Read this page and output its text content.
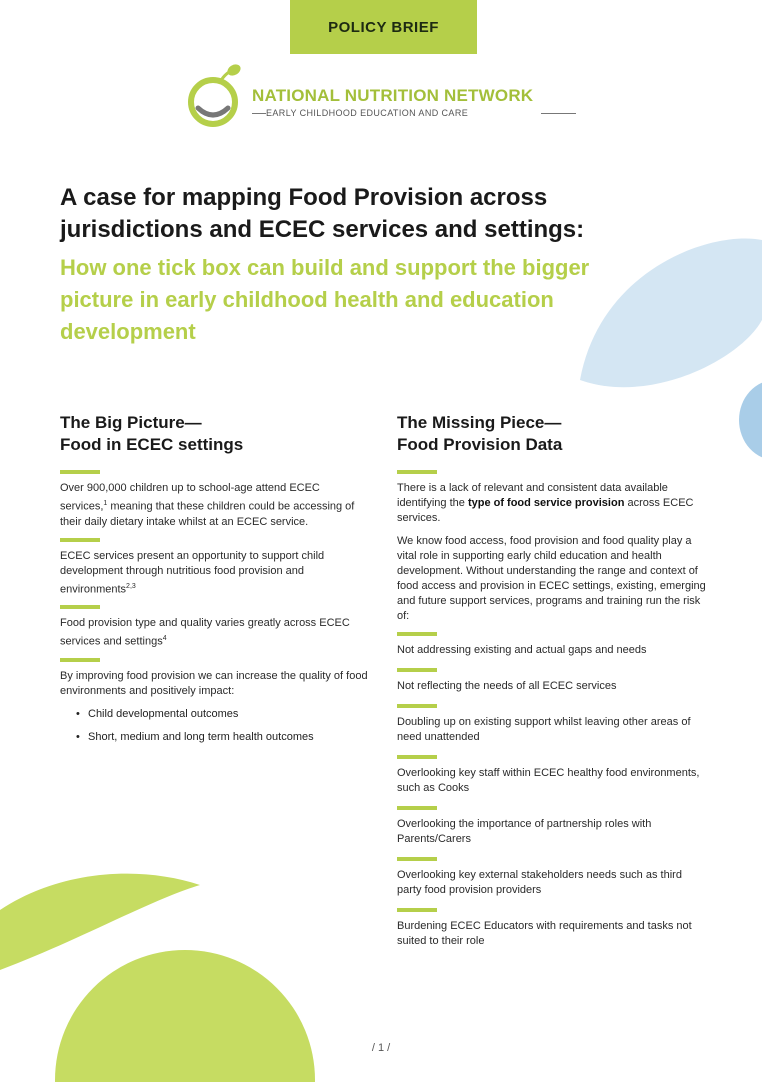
POLICY BRIEF
NATIONAL NUTRITION NETWORK
EARLY CHILDHOOD EDUCATION AND CARE
A case for mapping Food Provision across jurisdictions and ECEC services and settings:
How one tick box can build and support the bigger picture in early childhood health and education development
The Big Picture—
Food in ECEC settings

Over 900,000 children up to school-age attend ECEC services,$^1$ meaning that these children could be accessing of their daily dietary intake whilst at an ECEC service.

ECEC services present an opportunity to support child development through nutritious food provision and environments$^{2,3}$

Food provision type and quality varies greatly across ECEC services and settings$^4$

By improving food provision we can increase the quality of food environments and positively impact:

• Child developmental outcomes
• Short, medium and long term health outcomes
The Missing Piece—
Food Provision Data

There is a lack of relevant and consistent data available identifying the type of food service provision across ECEC services.

We know food access, food provision and food quality play a vital role in supporting early child education and health development. Without understanding the range and context of food access and provision in ECEC settings, existing, emerging and future support services, programs and training run the risk of:

Not addressing existing and actual gaps and needs

Not reflecting the needs of all ECEC services

Doubling up on existing support whilst leaving other areas of need unattended

Overlooking key staff within ECEC healthy food environments, such as Cooks

Overlooking the importance of partnership roles with Parents/Carers

Overlooking key external stakeholders needs such as third party food provision providers

Burdening ECEC Educators with requirements and tasks not suited to their role

/ 1 /
